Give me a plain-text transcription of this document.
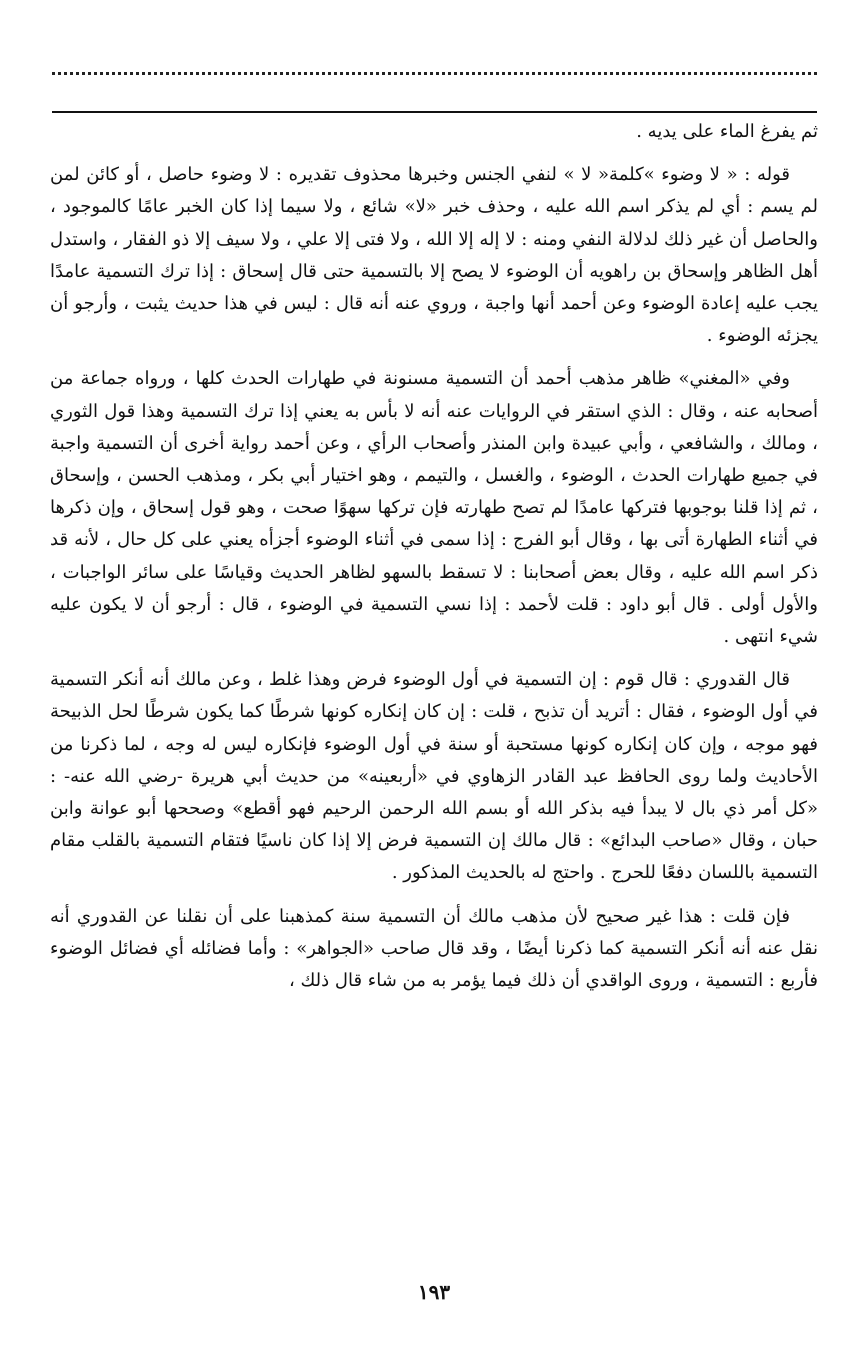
ثم يفرغ الماء على يديه .

قوله : « لا وضوء »كلمة« لا » لنفي الجنس وخبرها محذوف تقديره : لا وضوء حاصل ، أو كائن لمن لم يسم : أي لم يذكر اسم الله عليه ، وحذف خبر «لا» شائع ، ولا سيما إذا كان الخبر عامًا كالموجود ، والحاصل أن غير ذلك لدلالة النفي ومنه : لا إله إلا الله ، ولا فتى إلا علي ، ولا سيف إلا ذو الفقار ، واستدل أهل الظاهر وإسحاق بن راهويه أن الوضوء لا يصح إلا بالتسمية حتى قال إسحاق : إذا ترك التسمية عامدًا يجب عليه إعادة الوضوء وعن أحمد أنها واجبة ، وروي عنه أنه قال : ليس في هذا حديث يثبت ، وأرجو أن يجزئه الوضوء .

وفي «المغني» ظاهر مذهب أحمد أن التسمية مسنونة في طهارات الحدث كلها ، ورواه جماعة من أصحابه عنه ، وقال : الذي استقر في الروايات عنه أنه لا بأس به يعني إذا ترك التسمية وهذا قول الثوري ، ومالك ، والشافعي ، وأبي عبيدة وابن المنذر وأصحاب الرأي ، وعن أحمد رواية أخرى أن التسمية واجبة في جميع طهارات الحدث ، الوضوء ، والغسل ، والتيمم ، وهو اختيار أبي بكر ، ومذهب الحسن ، وإسحاق ، ثم إذا قلنا بوجوبها فتركها عامدًا لم تصح طهارته فإن تركها سهوًا صحت ، وهو قول إسحاق ، وإن ذكرها في أثناء الطهارة أتى بها ، وقال أبو الفرج : إذا سمى في أثناء الوضوء أجزأه يعني على كل حال ، لأنه قد ذكر اسم الله عليه ، وقال بعض أصحابنا : لا تسقط بالسهو لظاهر الحديث وقياسًا على سائر الواجبات ، والأول أولى . قال أبو داود : قلت لأحمد : إذا نسي التسمية في الوضوء ، قال : أرجو أن لا يكون عليه شيء انتهى .

قال القدوري : قال قوم : إن التسمية في أول الوضوء فرض وهذا غلط ، وعن مالك أنه أنكر التسمية في أول الوضوء ، فقال : أتريد أن تذبح ، قلت : إن كان إنكاره كونها شرطًا كما يكون شرطًا لحل الذبيحة فهو موجه ، وإن كان إنكاره كونها مستحبة أو سنة في أول الوضوء فإنكاره ليس له وجه ، لما ذكرنا من الأحاديث ولما روى الحافظ عبد القادر الزهاوي في «أربعينه» من حديث أبي هريرة -رضي الله عنه- : «كل أمر ذي بال لا يبدأ فيه بذكر الله أو بسم الله الرحمن الرحيم فهو أقطع» وصححها أبو عوانة وابن حبان ، وقال «صاحب البدائع» : قال مالك إن التسمية فرض إلا إذا كان ناسيًا فتقام التسمية بالقلب مقام التسمية باللسان دفعًا للحرج . واحتج له بالحديث المذكور .

فإن قلت : هذا غير صحيح لأن مذهب مالك أن التسمية سنة كمذهبنا على أن نقلنا عن القدوري أنه نقل عنه أنه أنكر التسمية كما ذكرنا أيضًا ، وقد قال صاحب «الجواهر» : وأما فضائله أي فضائل الوضوء فأربع : التسمية ، وروى الواقدي أن ذلك فيما يؤمر به من شاء قال ذلك ،

١٩٣
